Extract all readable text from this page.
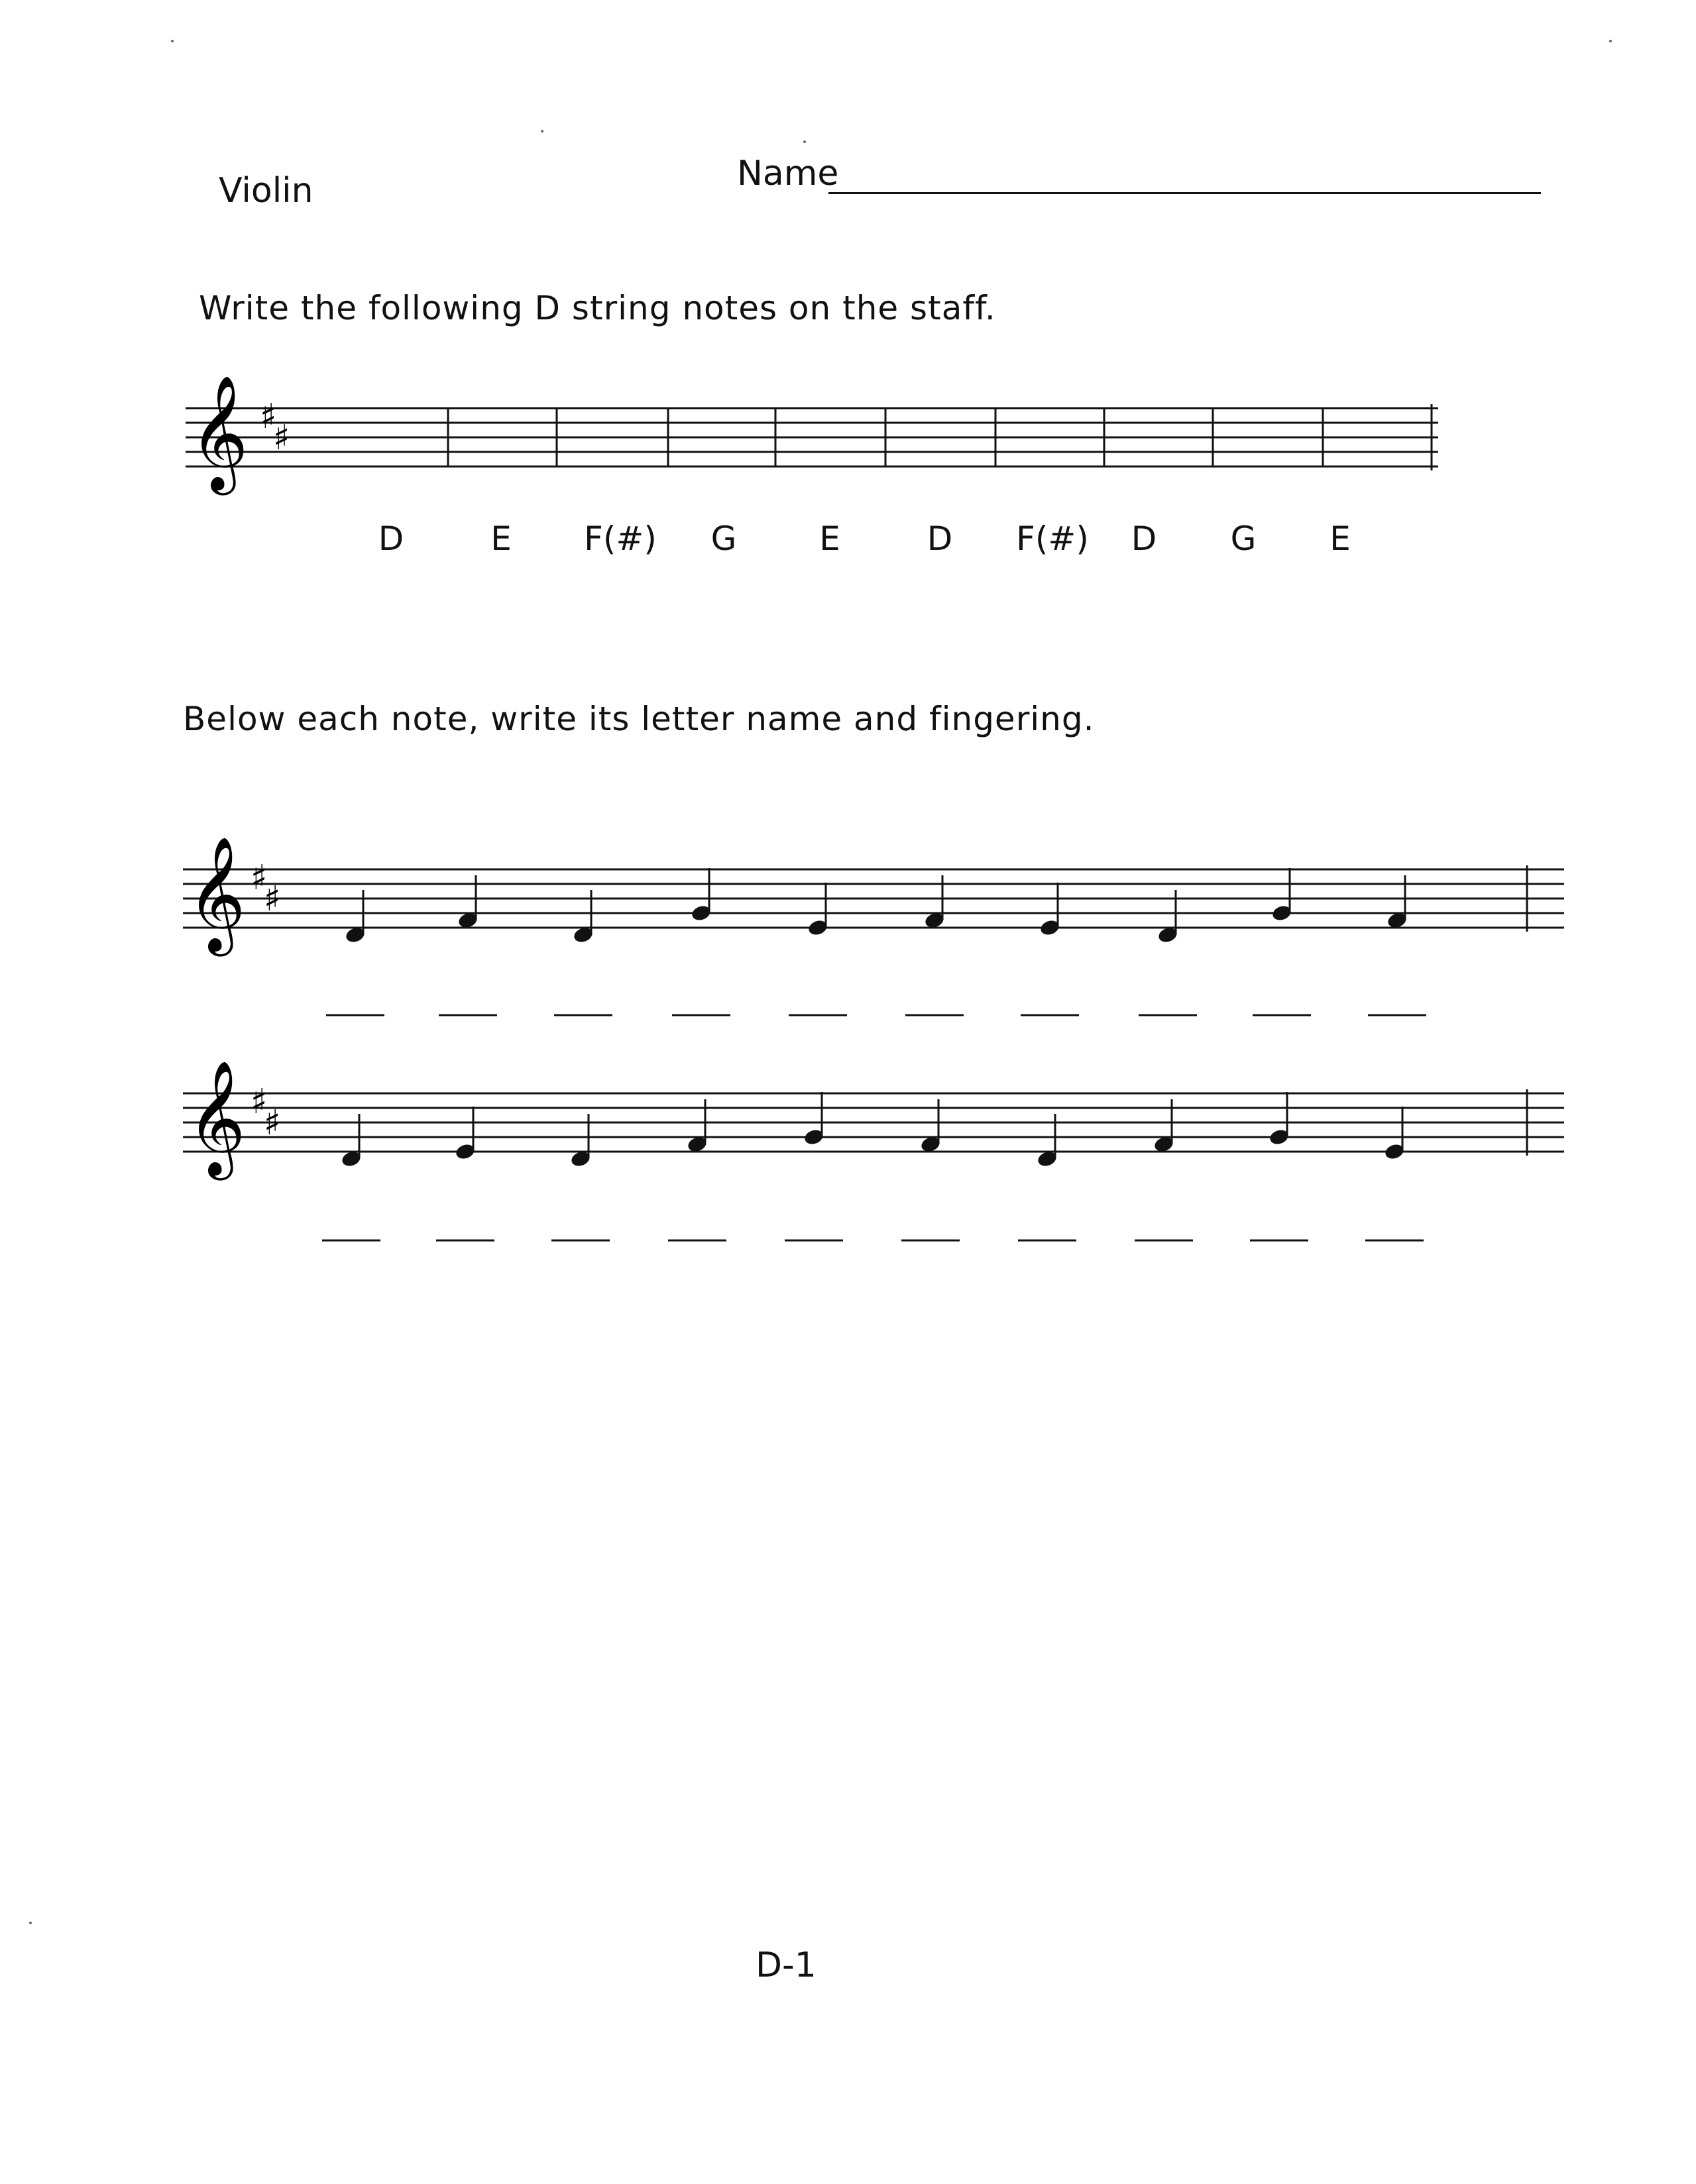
Violin	Name
Write the following D string notes on the staff.
𝄞 ♯
♯
D	E F(#) G E	D F(#) D G E
Below each note, write its letter name and fingering.
𝄞 ♯
♯
𝄞 ♯
♯
D-1
